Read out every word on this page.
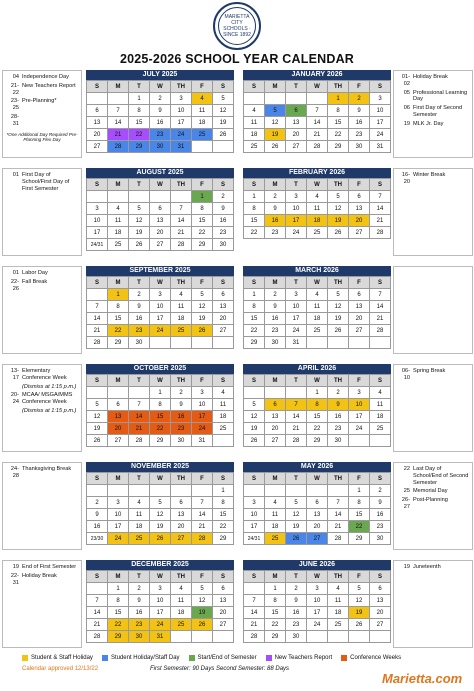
MARIETTA CITY SCHOOLS · SINCE 1892
2025-2026 SCHOOL YEAR CALENDAR
JULY 2025
S	M	T	W	TH	F	S
		1	2	3	4	5
6	7	8	9	10	11	12
13	14	15	16	17	18	19
20	21	22	23	24	25	26
27	28	29	30	31		
JANUARY 2026
S	M	T	W	TH	F	S
				1	2	3
4	5	6	7	8	9	10
11	12	13	14	15	16	17
18	19	20	21	22	23	24
25	26	27	28	29	30	31
AUGUST 2025
S	M	T	W	TH	F	S
					1	2
3	4	5	6	7	8	9
10	11	12	13	14	15	16
17	18	19	20	21	22	23
24/31	25	26	27	28	29	30
FEBRUARY 2026
S	M	T	W	TH	F	S
1	2	3	4	5	6	7
8	9	10	11	12	13	14
15	16	17	18	19	20	21
22	23	24	25	26	27	28
SEPTEMBER 2025
S	M	T	W	TH	F	S
	1	2	3	4	5	6
7	8	9	10	11	12	13
14	15	16	17	18	19	20
21	22	23	24	25	26	27
28	29	30				
MARCH 2026
S	M	T	W	TH	F	S
1	2	3	4	5	6	7
8	9	10	11	12	13	14
15	16	17	18	19	20	21
22	23	24	25	26	27	28
29	30	31				
OCTOBER 2025
S	M	T	W	TH	F	S
			1	2	3	4
5	6	7	8	9	10	11
12	13	14	15	16	17	18
19	20	21	22	23	24	25
26	27	28	29	30	31	
APRIL 2026
S	M	T	W	TH	F	S
			1	2	3	4
5	6	7	8	9	10	11
12	13	14	15	16	17	18
19	20	21	22	23	24	25
26	27	28	29	30		
NOVEMBER 2025
S	M	T	W	TH	F	S
						1
2	3	4	5	6	7	8
9	10	11	12	13	14	15
16	17	18	19	20	21	22
23/30	24	25	26	27	28	29
MAY 2026
S	M	T	W	TH	F	S
					1	2
3	4	5	6	7	8	9
10	11	12	13	14	15	16
17	18	19	20	21	22	23
24/31	25	26	27	28	29	30
DECEMBER 2025
S	M	T	W	TH	F	S
	1	2	3	4	5	6
7	8	9	10	11	12	13
14	15	16	17	18	19	20
21	22	23	24	25	26	27
28	29	30	31			
JUNE 2026
S	M	T	W	TH	F	S
	1	2	3	4	5	6
7	8	9	10	11	12	13
14	15	16	17	18	19	20
21	22	23	24	25	26	27
28	29	30				
04 Independence Day
21-22
New Teachers Report
23-25
Pre-Planning*
28-31
*One Additional Day Required Pre-Planning Flex Day
01-02
Holiday Break
05 Professional Learning Day
06 First Day of Second Semester
19 MLK Jr. Day
01 First Day of School/First Day of First Semester
16-20
Winter Break
01 Labor Day
22-26
Fall Break
13-17
Elementary Conference Week
(Dismiss at 1:15 p.m.)
20-24
MCAA/ MSGA/MMS Conference Week
(Dismiss at 1:15 p.m.)
06-10
Spring Break
24-28
Thanksgiving Break	22 Last Day of School/End of Second Semester
25 Memorial Day
26-27
Post-Planning
19 End of First Semester
22-31
Holiday Break
19 Juneteenth
Student & Staff Holiday	Student Holiday/Staff Day	Start/End of Semester	New Teachers Report	Conference Weeks
Calendar approved 12/13/22	First Semester: 90 Days Second Semester: 88 Days
Marietta.com
